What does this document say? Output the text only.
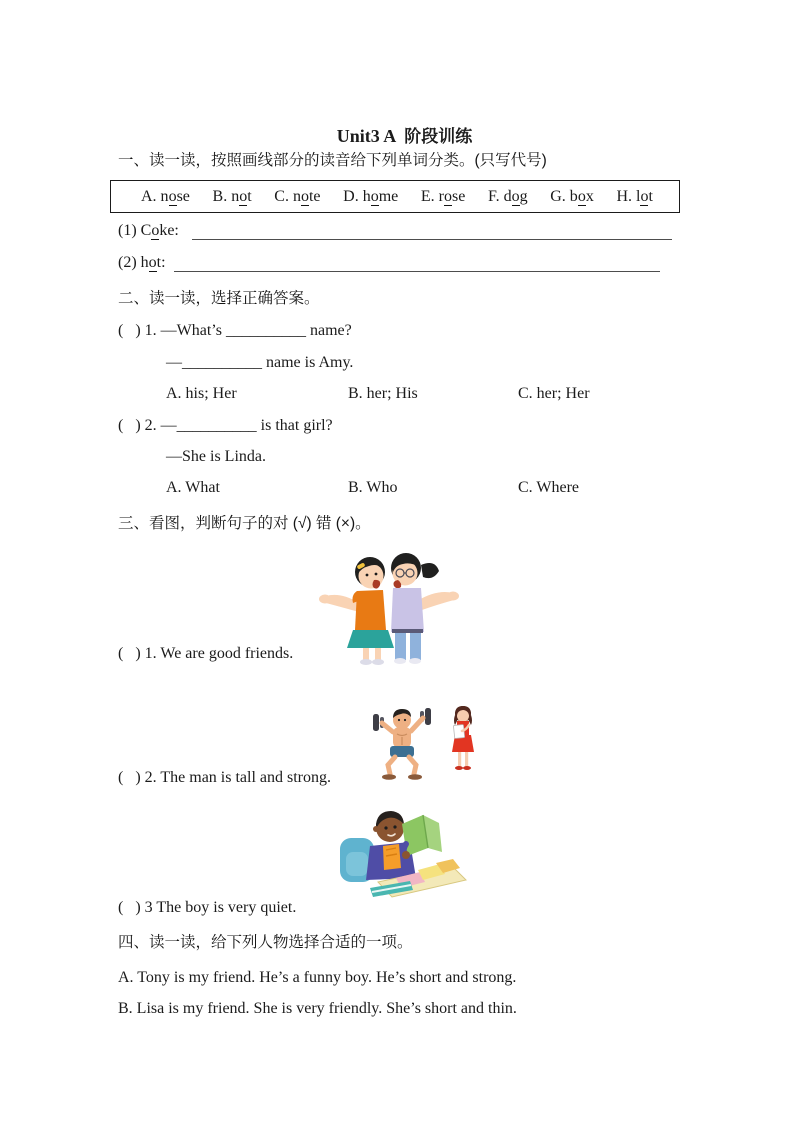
Unit3 A 阶段训练

一、读一读，按照画线部分的读音给下列单词分类。(只写代号)
A. nose B. not C. note D. home E. rose F. dog G. box H. lot
(1) Coke:
(2) hot:
二、读一读，选择正确答案。
(   ) 1. —What’s __________ name?
—__________ name is Amy.
A. his; Her	B. her; His	C. her; Her
(   ) 2. —__________ is that girl?
—She is Linda.
A. What	B. Who	C. Where
三、看图，判断句子的对 (√) 错 (×)。
(   ) 1. We are good friends.
(   ) 2. The man is tall and strong.
(   ) 3 The boy is very quiet.
四、读一读，给下列人物选择合适的一项。
A. Tony is my friend. He’s a funny boy. He’s short and strong.
B. Lisa is my friend. She is very friendly. She’s short and thin.
